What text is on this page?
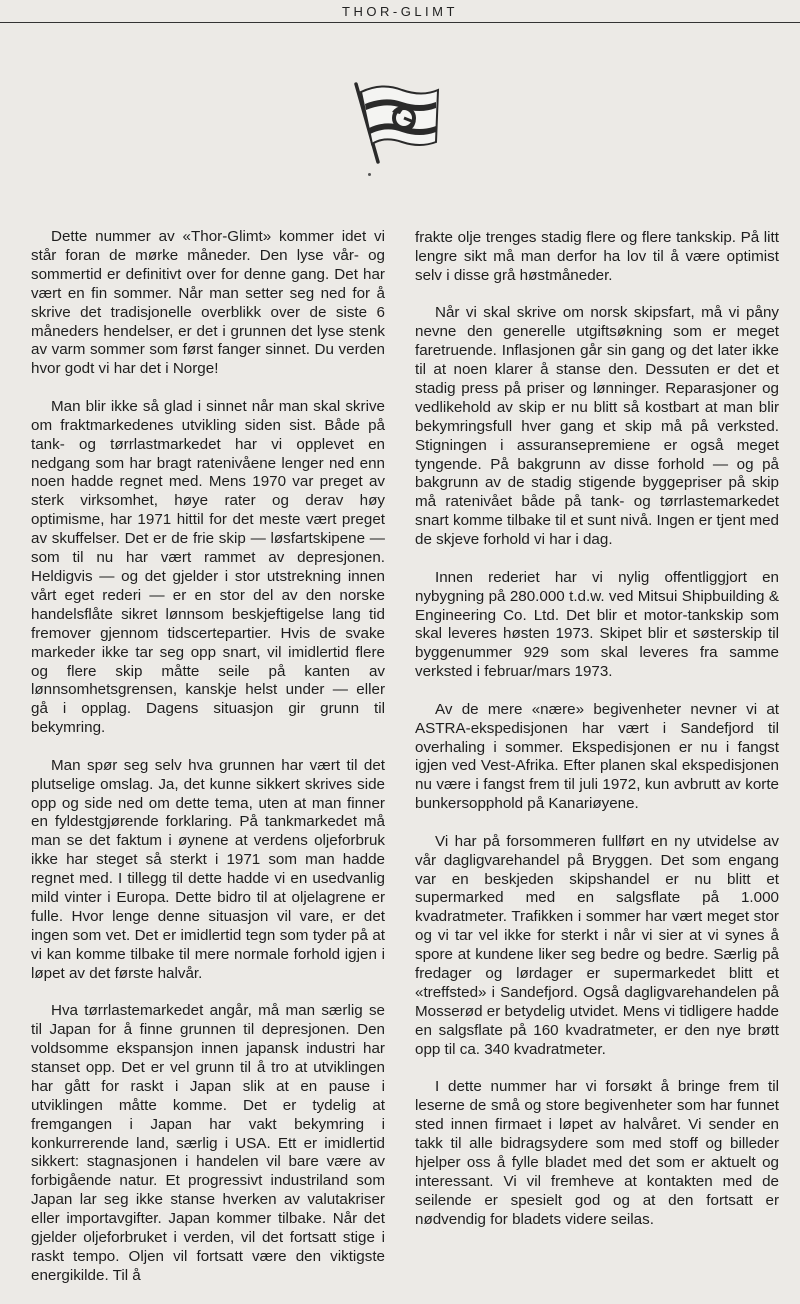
THOR-GLIMT

Dette nummer av «Thor-Glimt» kommer idet vi står foran de mørke måneder. Den lyse vår- og sommertid er definitivt over for denne gang. Det har vært en fin sommer. Når man setter seg ned for å skrive det tradisjonelle overblikk over de siste 6 måneders hendelser, er det i grunnen det lyse stenk av varm sommer som først fanger sinnet. Du verden hvor godt vi har det i Norge!

Man blir ikke så glad i sinnet når man skal skrive om fraktmarkedenes utvikling siden sist. Både på tank- og tørrlastmarkedet har vi opplevet en nedgang som har bragt ratenivåene lenger ned enn noen hadde regnet med. Mens 1970 var preget av sterk virksomhet, høye rater og derav høy optimisme, har 1971 hittil for det meste vært preget av skuffelser. Det er de frie skip — løsfartskipene — som til nu har vært rammet av depresjonen. Heldigvis — og det gjelder i stor utstrekning innen vårt eget rederi — er en stor del av den norske handelsflåte sikret lønnsom beskjeftigelse lang tid fremover gjennom tidscertepartier. Hvis de svake markeder ikke tar seg opp snart, vil imidlertid flere og flere skip måtte seile på kanten av lønnsomhetsgrensen, kanskje helst under — eller gå i opplag. Dagens situasjon gir grunn til bekymring.

Man spør seg selv hva grunnen har vært til det plutselige omslag. Ja, det kunne sikkert skrives side opp og side ned om dette tema, uten at man finner en fyldestgjørende forklaring. På tankmarkedet må man se det faktum i øynene at verdens oljeforbruk ikke har steget så sterkt i 1971 som man hadde regnet med. I tillegg til dette hadde vi en usedvanlig mild vinter i Europa. Dette bidro til at oljelagrene er fulle. Hvor lenge denne situasjon vil vare, er det ingen som vet. Det er imidlertid tegn som tyder på at vi kan komme tilbake til mere normale forhold igjen i løpet av det første halvår.

Hva tørrlastemarkedet angår, må man særlig se til Japan for å finne grunnen til depresjonen. Den voldsomme ekspansjon innen japansk industri har stanset opp. Det er vel grunn til å tro at utviklingen har gått for raskt i Japan slik at en pause i utviklingen måtte komme. Det er tydelig at fremgangen i Japan har vakt bekymring i konkurrerende land, særlig i USA. Ett er imidlertid sikkert: stagnasjonen i handelen vil bare være av forbigående natur. Et progressivt industriland som Japan lar seg ikke stanse hverken av valutakriser eller importavgifter. Japan kommer tilbake. Når det gjelder oljeforbruket i verden, vil det fortsatt stige i raskt tempo. Oljen vil fortsatt være den viktigste energikilde. Til å

frakte olje trenges stadig flere og flere tankskip. På litt lengre sikt må man derfor ha lov til å være optimist selv i disse grå høstmåneder.

Når vi skal skrive om norsk skipsfart, må vi påny nevne den generelle utgiftsøkning som er meget faretruende. Inflasjonen går sin gang og det later ikke til at noen klarer å stanse den. Dessuten er det et stadig press på priser og lønninger. Reparasjoner og vedlikehold av skip er nu blitt så kostbart at man blir bekymringsfull hver gang et skip må på verksted. Stigningen i assuransepremiene er også meget tyngende. På bakgrunn av disse forhold — og på bakgrunn av de stadig stigende byggepriser på skip må ratenivået både på tank- og tørrlastemarkedet snart komme tilbake til et sunt nivå. Ingen er tjent med de skjeve forhold vi har i dag.

Innen rederiet har vi nylig offentliggjort en nybygning på 280.000 t.d.w. ved Mitsui Shipbuilding & Engineering Co. Ltd. Det blir et motor-tankskip som skal leveres høsten 1973. Skipet blir et søsterskip til byggenummer 929 som skal leveres fra samme verksted i februar/mars 1973.

Av de mere «nære» begivenheter nevner vi at ASTRA-ekspedisjonen har vært i Sandefjord til overhaling i sommer. Ekspedisjonen er nu i fangst igjen ved Vest-Afrika. Efter planen skal ekspedisjonen nu være i fangst frem til juli 1972, kun avbrutt av korte bunkersopphold på Kanariøyene.

Vi har på forsommeren fullført en ny utvidelse av vår dagligvarehandel på Bryggen. Det som engang var en beskjeden skipshandel er nu blitt et supermarked med en salgsflate på 1.000 kvadratmeter. Trafikken i sommer har vært meget stor og vi tar vel ikke for sterkt i når vi sier at vi synes å spore at kundene liker seg bedre og bedre. Særlig på fredager og lørdager er supermarkedet blitt et «treffsted» i Sandefjord. Også dagligvarehandelen på Mosserød er betydelig utvidet. Mens vi tidligere hadde en salgsflate på 160 kvadratmeter, er den nye brøtt opp til ca. 340 kvadratmeter.

I dette nummer har vi forsøkt å bringe frem til leserne de små og store begivenheter som har funnet sted innen firmaet i løpet av halvåret. Vi sender en takk til alle bidragsydere som med stoff og billeder hjelper oss å fylle bladet med det som er aktuelt og interessant. Vi vil fremheve at kontakten med de seilende er spesielt god og at den fortsatt er nødvendig for bladets videre seilas.
